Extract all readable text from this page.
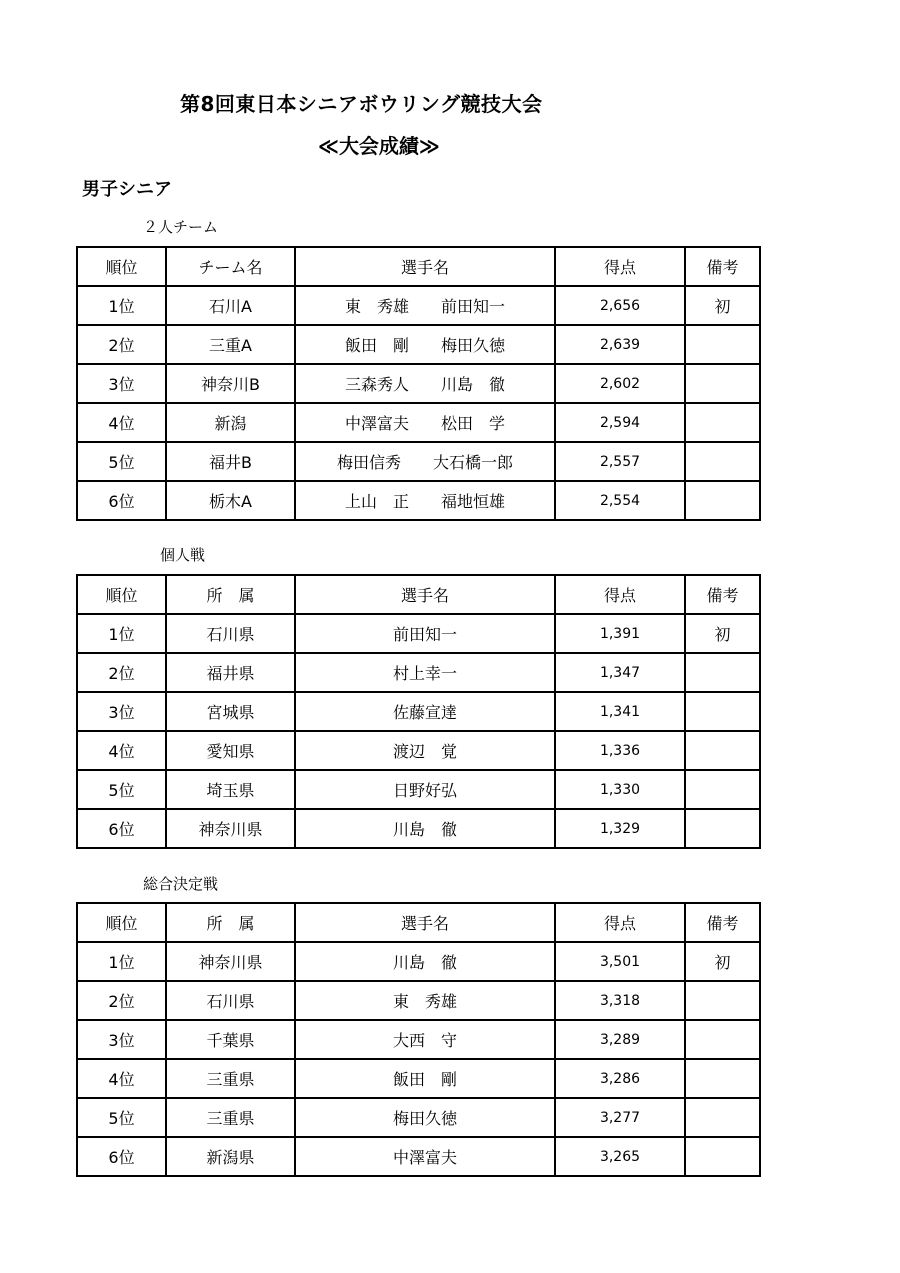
第8回東日本シニアボウリング競技大会
≪大会成績≫
男子シニア
２人チーム
順位	チーム名	選手名	得点	備考
1位	石川A	東　秀雄　　前田知一	2,656	初
2位	三重A	飯田　剛　　梅田久徳	2,639	
3位	神奈川B	三森秀人　　川島　徹	2,602	
4位	新潟	中澤富夫　　松田　学	2,594	
5位	福井B	梅田信秀　　大石橋一郎	2,557	
6位	栃木A	上山　正　　福地恒雄	2,554	
個人戦
順位	所　属	選手名	得点	備考
1位	石川県	前田知一	1,391	初
2位	福井県	村上幸一	1,347	
3位	宮城県	佐藤宣達	1,341	
4位	愛知県	渡辺　覚	1,336	
5位	埼玉県	日野好弘	1,330	
6位	神奈川県	川島　徹	1,329	
総合決定戦
順位	所　属	選手名	得点	備考
1位	神奈川県	川島　徹	3,501	初
2位	石川県	東　秀雄	3,318	
3位	千葉県	大西　守	3,289	
4位	三重県	飯田　剛	3,286	
5位	三重県	梅田久徳	3,277	
6位	新潟県	中澤富夫	3,265	
